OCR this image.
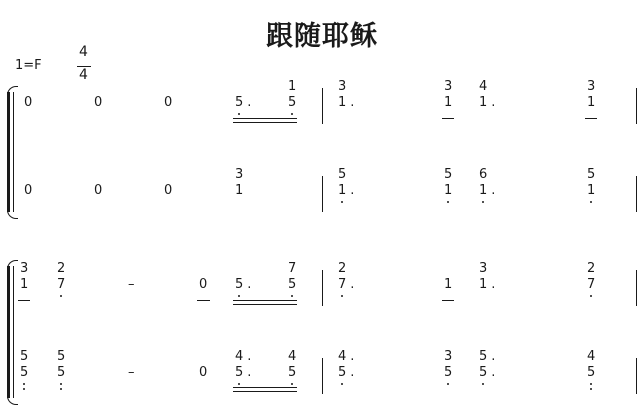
跟随耶稣
1=F
4
4
0	0	0	5 .	5
1
1 .
3
1
3
1 .
4
1
3
0	0	0	1
3
1 .
5
1
5
1 .
6
1
5
1
3
7
2
–	0 5 .	5
7
7 .
2
1 1 .
3
7
2
5
5
5
5
–	0 5 .
4 .
5
4
5 .
4 .
5
3
5 .
5 .
5
4
